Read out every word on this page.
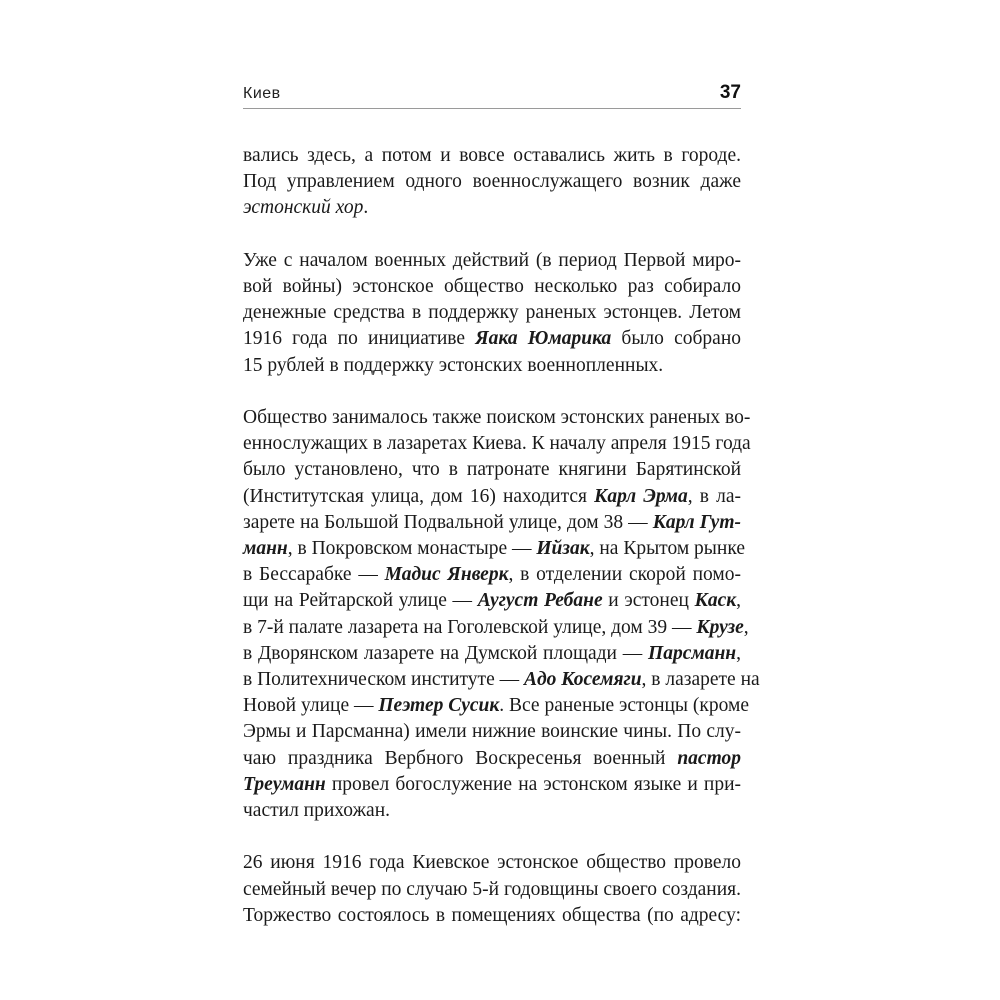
Киев	37

вались здесь, а потом и вовсе оставались жить в городе.
Под управлением одного военнослужащего возник даже
эстонский хор.

Уже с началом военных действий (в период Первой миро-
вой войны) эстонское общество несколько раз собирало
денежные средства в поддержку раненых эстонцев. Летом
1916 года по инициативе Яака Юмарика было собрано
15 рублей в поддержку эстонских военнопленных.

Общество занималось также поиском эстонских раненых во-
еннослужащих в лазаретах Киева. К началу апреля 1915 года
было установлено, что в патронате княгини Барятинской
(Институтская улица, дом 16) находится Карл Эрма, в ла-
зарете на Большой Подвальной улице, дом 38 — Карл Гут-
манн, в Покровском монастыре — Ийзак, на Крытом рынке
в Бессарабке — Мадис Янверк, в отделении скорой помо-
щи на Рейтарской улице — Аугуст Ребане и эстонец Каск,
в 7-й палате лазарета на Гоголевской улице, дом 39 — Крузе,
в Дворянском лазарете на Думской площади — Парсманн,
в Политехническом институте — Адо Косемяги, в лазарете на
Новой улице — Пеэтер Сусик. Все раненые эстонцы (кроме
Эрмы и Парсманна) имели нижние воинские чины. По слу-
чаю праздника Вербного Воскресенья военный пастор
Треуманн провел богослужение на эстонском языке и при-
частил прихожан.

26 июня 1916 года Киевское эстонское общество провело
семейный вечер по случаю 5-й годовщины своего создания.
Торжество состоялось в помещениях общества (по адресу:
